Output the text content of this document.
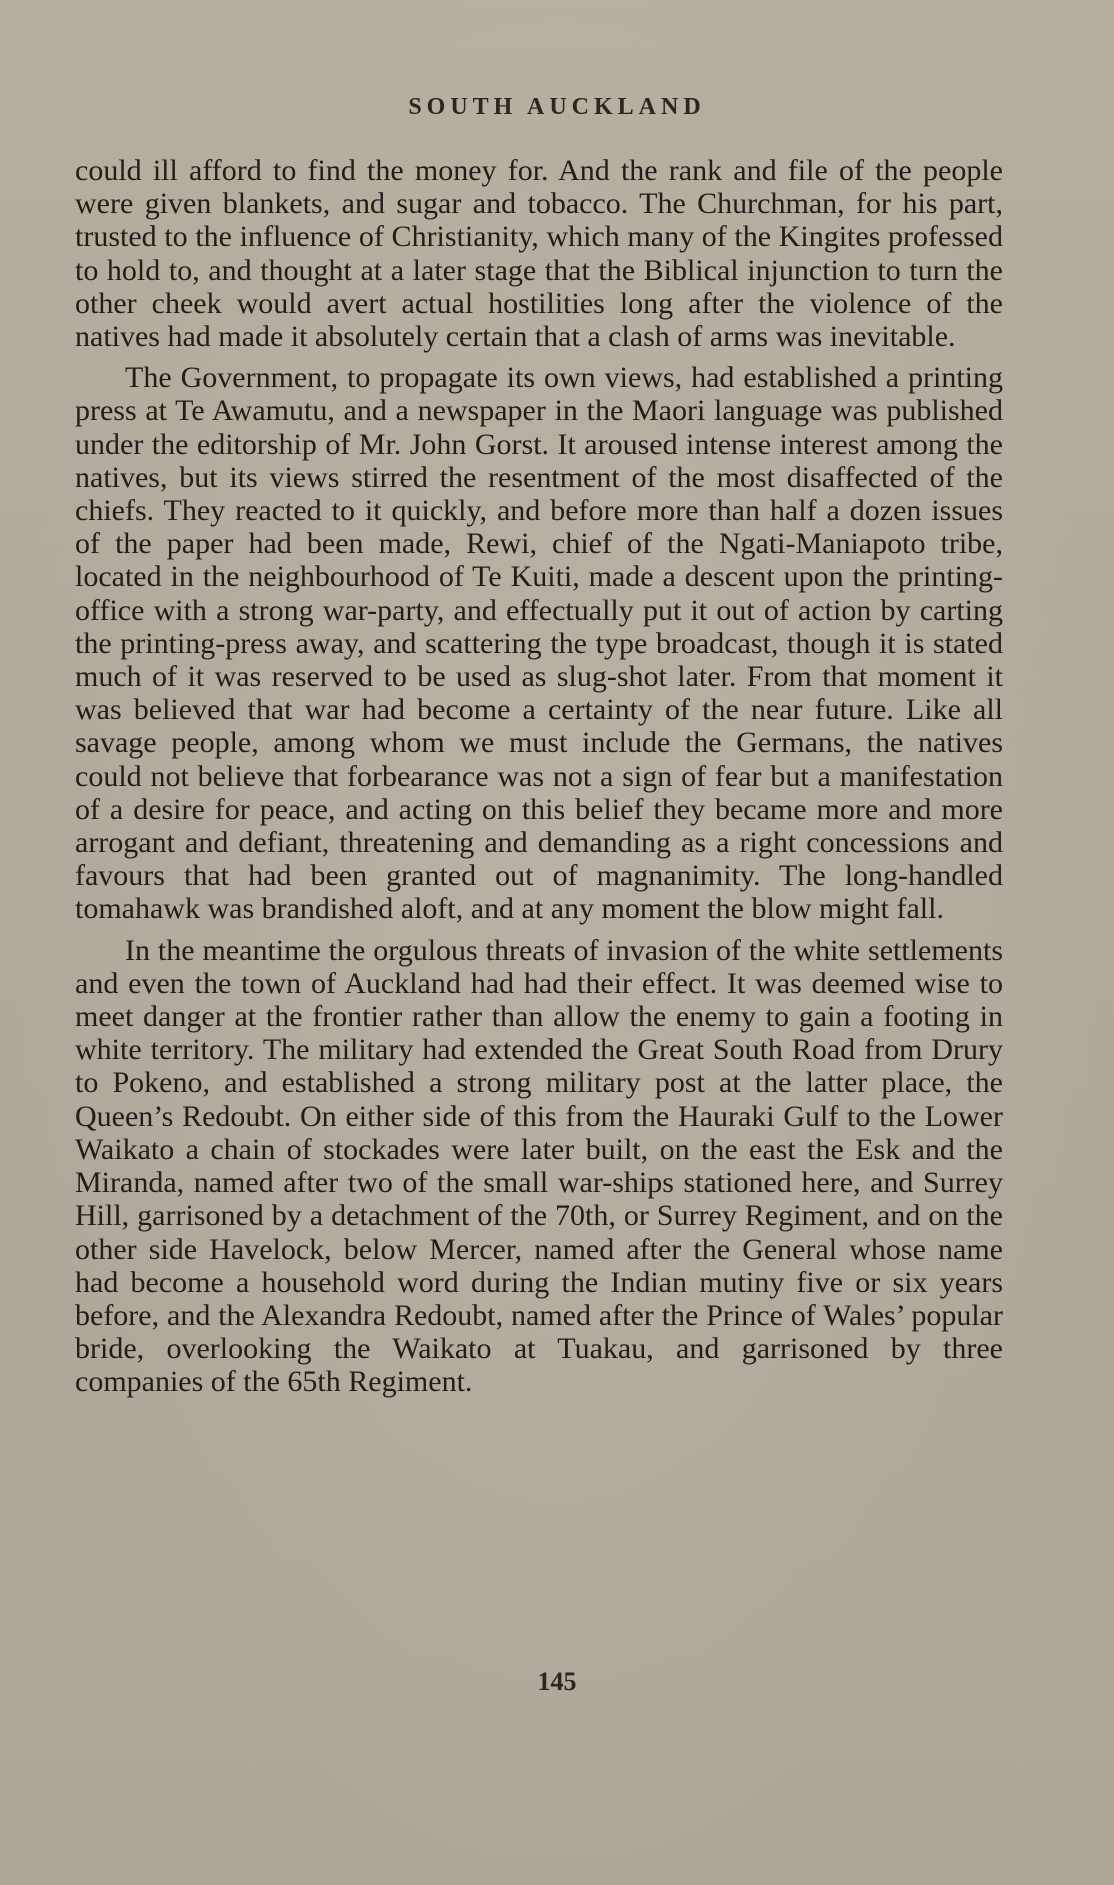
SOUTH AUCKLAND

could ill afford to find the money for. And the rank and file of the people were given blankets, and sugar and tobacco. The Churchman, for his part, trusted to the influence of Christianity, which many of the Kingites professed to hold to, and thought at a later stage that the Biblical injunction to turn the other cheek would avert actual hostilities long after the violence of the natives had made it absolutely certain that a clash of arms was inevitable.

The Government, to propagate its own views, had established a printing press at Te Awamutu, and a newspaper in the Maori language was published under the editorship of Mr. John Gorst. It aroused intense interest among the natives, but its views stirred the resentment of the most disaffected of the chiefs. They reacted to it quickly, and before more than half a dozen issues of the paper had been made, Rewi, chief of the Ngati-Maniapoto tribe, located in the neighbourhood of Te Kuiti, made a descent upon the printing-office with a strong war-party, and effectually put it out of action by carting the printing-press away, and scattering the type broadcast, though it is stated much of it was reserved to be used as slug-shot later. From that moment it was believed that war had become a certainty of the near future. Like all savage people, among whom we must include the Germans, the natives could not believe that forbearance was not a sign of fear but a manifestation of a desire for peace, and acting on this belief they became more and more arrogant and defiant, threatening and demanding as a right concessions and favours that had been granted out of magnanimity. The long-handled tomahawk was brandished aloft, and at any moment the blow might fall.

In the meantime the orgulous threats of invasion of the white settlements and even the town of Auckland had had their effect. It was deemed wise to meet danger at the frontier rather than allow the enemy to gain a footing in white territory. The military had extended the Great South Road from Drury to Pokeno, and established a strong military post at the latter place, the Queen’s Redoubt. On either side of this from the Hauraki Gulf to the Lower Waikato a chain of stockades were later built, on the east the Esk and the Miranda, named after two of the small war-ships stationed here, and Surrey Hill, garrisoned by a detachment of the 70th, or Surrey Regiment, and on the other side Havelock, below Mercer, named after the General whose name had become a household word during the Indian mutiny five or six years before, and the Alexandra Redoubt, named after the Prince of Wales’ popular bride, overlooking the Waikato at Tuakau, and garrisoned by three companies of the 65th Regiment.

145
